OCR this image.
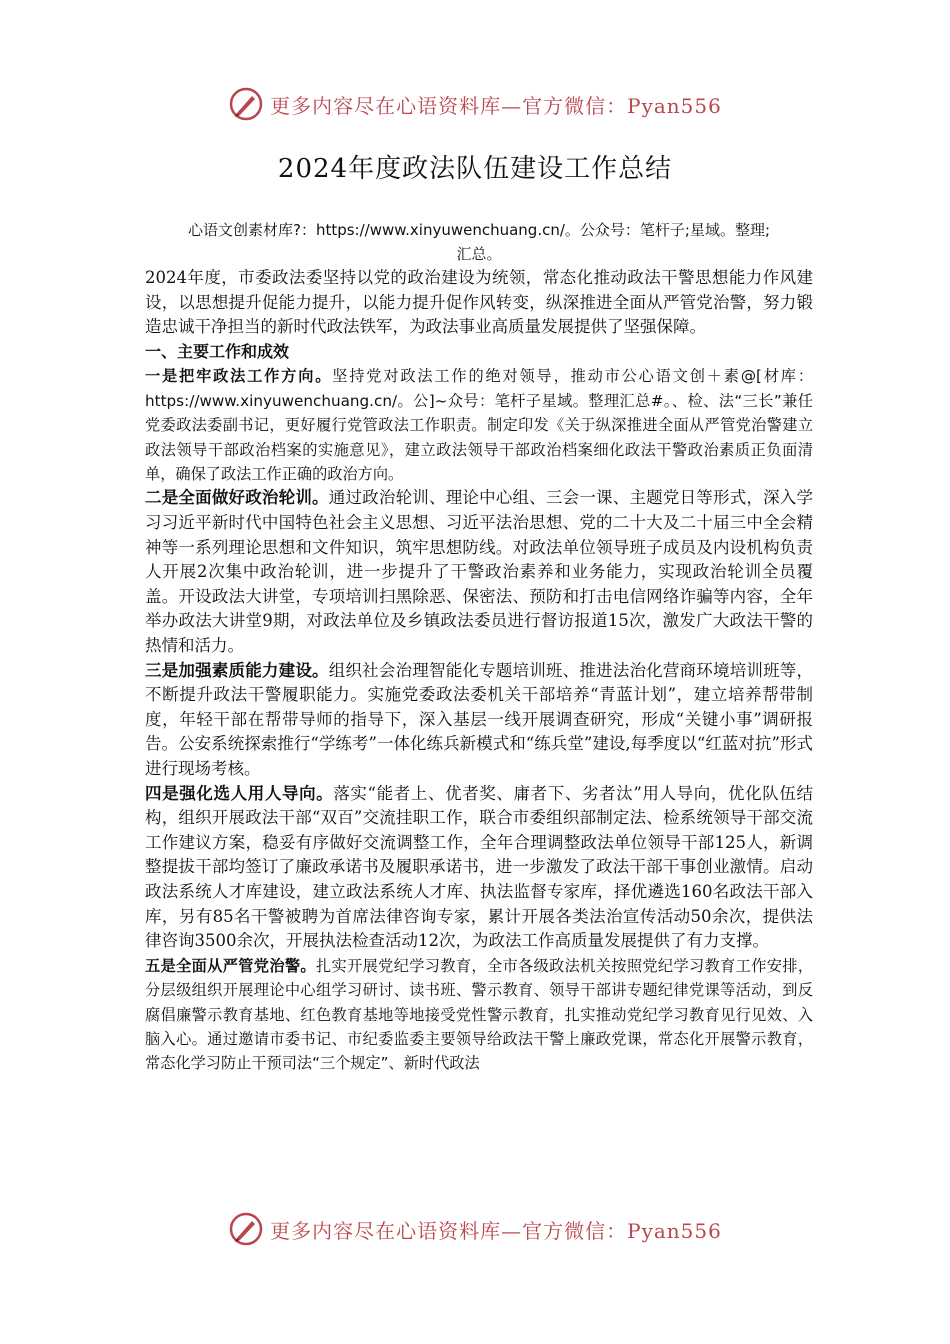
更多内容尽在心语资料库—官方微信：Pyan556
2024年度政法队伍建设工作总结

心语文创素材库?：https://www.xinyuwenchuang.cn/。公众号：笔杆子;星域。整理;
汇总。

2024年度，市委政法委坚持以党的政治建设为统领，常态化推动政法干警思想能力作风建设，以思想提升促能力提升，以能力提升促作风转变，纵深推进全面从严管党治警，努力锻造忠诚干净担当的新时代政法铁军，为政法事业高质量发展提供了坚强保障。

一、主要工作和成效

一是把牢政法工作方向。坚持党对政法工作的绝对领导，推动市公心语文创＋素@[材库：https://www.xinyuwenchuang.cn/。公]~众号：笔杆子星域。整理汇总#。、检、法“三长”兼任党委政法委副书记，更好履行党管政法工作职责。制定印发《关于纵深推进全面从严管党治警建立政法领导干部政治档案的实施意见》，建立政法领导干部政治档案细化政法干警政治素质正负面清单，确保了政法工作正确的政治方向。

二是全面做好政治轮训。通过政治轮训、理论中心组、三会一课、主题党日等形式，深入学习习近平新时代中国特色社会主义思想、习近平法治思想、党的二十大及二十届三中全会精神等一系列理论思想和文件知识，筑牢思想防线。对政法单位领导班子成员及内设机构负责人开展2次集中政治轮训，进一步提升了干警政治素养和业务能力，实现政治轮训全员覆盖。开设政法大讲堂，专项培训扫黑除恶、保密法、预防和打击电信网络诈骗等内容，全年举办政法大讲堂9期，对政法单位及乡镇政法委员进行督访报道15次，激发广大政法干警的热情和活力。

三是加强素质能力建设。组织社会治理智能化专题培训班、推进法治化营商环境培训班等，不断提升政法干警履职能力。实施党委政法委机关干部培养“青蓝计划”，建立培养帮带制度，年轻干部在帮带导师的指导下，深入基层一线开展调查研究，形成“关键小事”调研报告。公安系统探索推行“学练考”一体化练兵新模式和“练兵堂”建设,每季度以“红蓝对抗”形式进行现场考核。

四是强化选人用人导向。落实“能者上、优者奖、庸者下、劣者汰”用人导向，优化队伍结构，组织开展政法干部“双百”交流挂职工作，联合市委组织部制定法、检系统领导干部交流工作建议方案，稳妥有序做好交流调整工作，全年合理调整政法单位领导干部125人，新调整提拔干部均签订了廉政承诺书及履职承诺书，进一步激发了政法干部干事创业激情。启动政法系统人才库建设，建立政法系统人才库、执法监督专家库，择优遴选160名政法干部入库，另有85名干警被聘为首席法律咨询专家，累计开展各类法治宣传活动50余次，提供法律咨询3500余次，开展执法检查活动12次，为政法工作高质量发展提供了有力支撑。

五是全面从严管党治警。扎实开展党纪学习教育，全市各级政法机关按照党纪学习教育工作安排，分层级组织开展理论中心组学习研讨、读书班、警示教育、领导干部讲专题纪律党课等活动，到反腐倡廉警示教育基地、红色教育基地等地接受党性警示教育，扎实推动党纪学习教育见行见效、入脑入心。通过邀请市委书记、市纪委监委主要领导给政法干警上廉政党课，常态化开展警示教育，常态化学习防止干预司法“三个规定”、新时代政法

更多内容尽在心语资料库—官方微信：Pyan556
